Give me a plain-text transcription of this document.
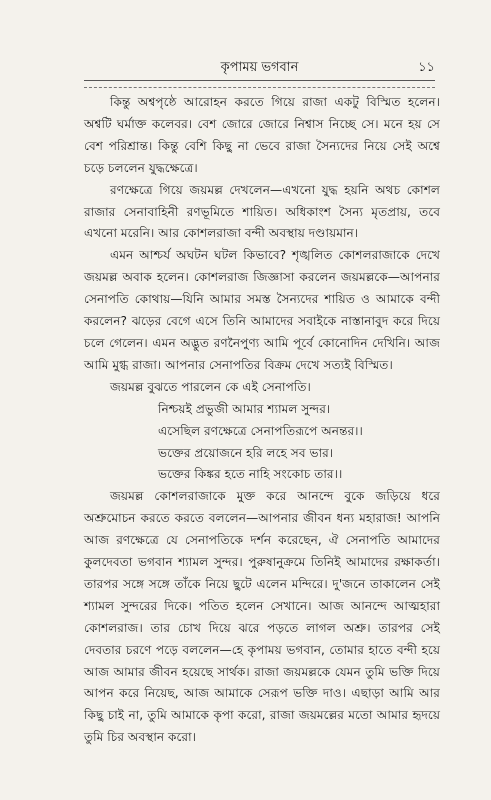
কৃপাময় ভগবান	১১

কিন্তু অশ্বপৃষ্ঠে আরোহন করতে গিয়ে রাজা একটু বিস্মিত হলেন। অশ্বটি ঘর্মাক্ত কলেবর। বেশ জোরে জোরে নিশ্বাস নিচ্ছে সে। মনে হয় সে বেশ পরিশ্রান্ত। কিন্তু বেশি কিছু না ভেবে রাজা সৈন্যদের নিয়ে সেই অশ্বে চড়ে চললেন যুদ্ধক্ষেত্রে।

রণক্ষেত্রে গিয়ে জয়মল্ল দেখলেন—এখনো যুদ্ধ হয়নি অথচ কোশল রাজার সেনাবাহিনী রণভূমিতে শায়িত। অধিকাংশ সৈন্য মৃতপ্রায়, তবে এখনো মরেনি। আর কোশলরাজা বন্দী অবস্থায় দণ্ডায়মান।

এমন আশ্চর্য অঘটন ঘটল কিভাবে? শৃঙ্খলিত কোশলরাজাকে দেখে জয়মল্ল অবাক হলেন। কোশলরাজ জিজ্ঞাসা করলেন জয়মল্লকে—আপনার সেনাপতি কোথায়—যিনি আমার সমস্ত সৈন্যদের শায়িত ও আমাকে বন্দী করলেন? ঝড়ের বেগে এসে তিনি আমাদের সবাইকে নাস্তানাবুদ করে দিয়ে চলে গেলেন। এমন অদ্ভুত রণনৈপুণ্য আমি পূর্বে কোনোদিন দেখিনি। আজ আমি মুগ্ধ রাজা। আপনার সেনাপতির বিক্রম দেখে সত্যই বিস্মিত।

জয়মল্ল বুঝতে পারলেন কে এই সেনাপতি।

নিশ্চয়ই প্রভুজী আমার শ্যামল সুন্দর।
এসেছিল রণক্ষেত্রে সেনাপতিরূপে অনন্তর।।
ভক্তের প্রয়োজনে হরি লহে সব ভার।
ভক্তের কিঙ্কর হতে নাহি সংকোচ তার।।

জয়মল্ল কোশলরাজাকে মুক্ত করে আনন্দে বুকে জড়িয়ে ধরে অশ্রুমোচন করতে করতে বললেন—আপনার জীবন ধন্য মহারাজ! আপনি আজ রণক্ষেত্রে যে সেনাপতিকে দর্শন করেছেন, ঐ সেনাপতি আমাদের কুলদেবতা ভগবান শ্যামল সুন্দর। পুরুষানুক্রমে তিনিই আমাদের রক্ষাকর্তা। তারপর সঙ্গে সঙ্গে তাঁকে নিয়ে ছুটে এলেন মন্দিরে। দু'জনে তাকালেন সেই শ্যামল সুন্দরের দিকে। পতিত হলেন সেখানে। আজ আনন্দে আত্মহারা কোশলরাজ। তার চোখ দিয়ে ঝরে পড়তে লাগল অশ্রু। তারপর সেই দেবতার চরণে পড়ে বললেন—হে কৃপাময় ভগবান, তোমার হাতে বন্দী হয়ে আজ আমার জীবন হয়েছে সার্থক। রাজা জয়মল্লকে যেমন তুমি ভক্তি দিয়ে আপন করে নিয়েছ, আজ আমাকে সেরূপ ভক্তি দাও। এছাড়া আমি আর কিছু চাই না, তুমি আমাকে কৃপা করো, রাজা জয়মল্লের মতো আমার হৃদয়ে তুমি চির অবস্থান করো।
